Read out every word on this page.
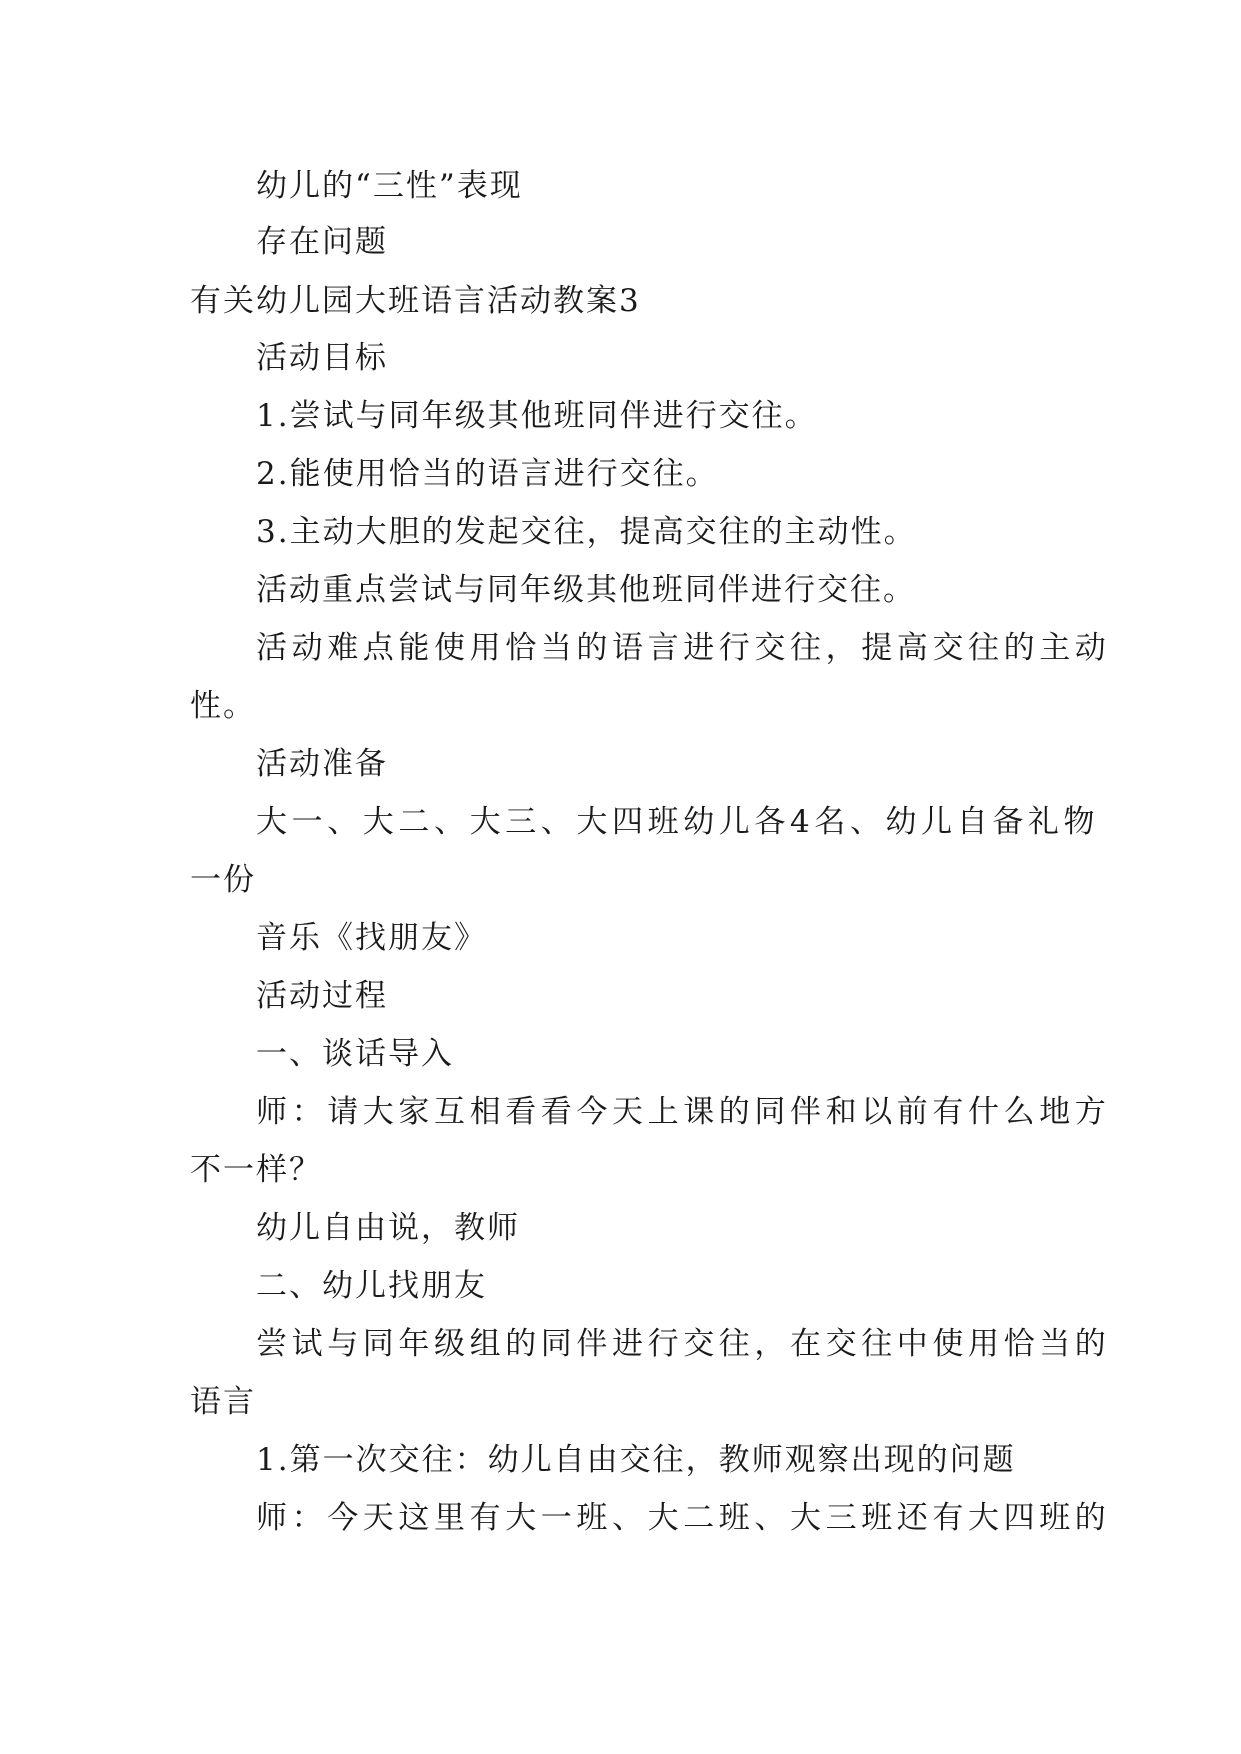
幼儿的“三性”表现
存在问题
有关幼儿园大班语言活动教案3
活动目标
1.尝试与同年级其他班同伴进行交往。
2.能使用恰当的语言进行交往。
3.主动大胆的发起交往，提高交往的主动性。
活动重点尝试与同年级其他班同伴进行交往。
活动难点能使用恰当的语言进行交往，提高交往的主动
性。
活动准备
大一、大二、大三、大四班幼儿各4名、幼儿自备礼物
一份
音乐《找朋友》
活动过程
一、谈话导入
师：请大家互相看看今天上课的同伴和以前有什么地方
不一样？
幼儿自由说，教师
二、幼儿找朋友
尝试与同年级组的同伴进行交往，在交往中使用恰当的
语言
1.第一次交往：幼儿自由交往，教师观察出现的问题
师：今天这里有大一班、大二班、大三班还有大四班的
